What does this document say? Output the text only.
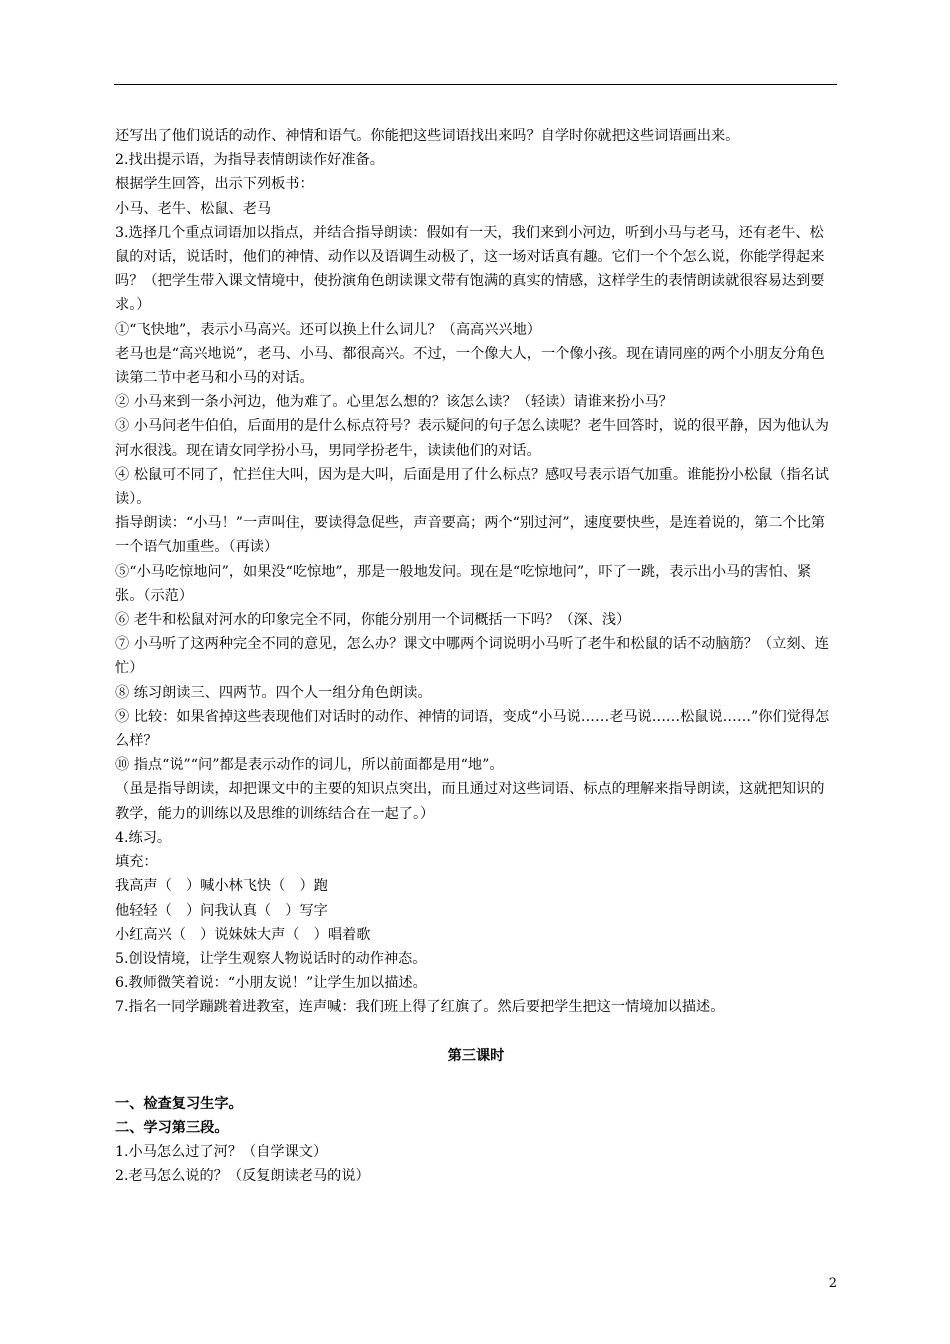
还写出了他们说话的动作、神情和语气。你能把这些词语找出来吗？自学时你就把这些词语画出来。

2.找出提示语，为指导表情朗读作好准备。

根据学生回答，出示下列板书：

小马、老牛、松鼠、老马

3.选择几个重点词语加以指点，并结合指导朗读：假如有一天，我们来到小河边，听到小马与老马，还有老牛、松鼠的对话，说话时，他们的神情、动作以及语调生动极了，这一场对话真有趣。它们一个个怎么说，你能学得起来吗？（把学生带入课文情境中，使扮演角色朗读课文带有饱满的真实的情感，这样学生的表情朗读就很容易达到要求。）

①“飞快地”，表示小马高兴。还可以换上什么词儿？（高高兴兴地）

老马也是“高兴地说”，老马、小马、都很高兴。不过，一个像大人，一个像小孩。现在请同座的两个小朋友分角色读第二节中老马和小马的对话。

② 小马来到一条小河边，他为难了。心里怎么想的？该怎么读？（轻读）请谁来扮小马？

③ 小马问老牛伯伯，后面用的是什么标点符号？表示疑问的句子怎么读呢？老牛回答时，说的很平静，因为他认为河水很浅。现在请女同学扮小马，男同学扮老牛，读读他们的对话。

④ 松鼠可不同了，忙拦住大叫，因为是大叫，后面是用了什么标点？感叹号表示语气加重。谁能扮小松鼠（指名试读）。

指导朗读：“小马！”一声叫住，要读得急促些，声音要高；两个“别过河”，速度要快些，是连着说的，第二个比第一个语气加重些。（再读）

⑤“小马吃惊地问”，如果没“吃惊地”，那是一般地发问。现在是“吃惊地问”，吓了一跳，表示出小马的害怕、紧张。（示范）

⑥ 老牛和松鼠对河水的印象完全不同，你能分别用一个词概括一下吗？（深、浅）

⑦ 小马听了这两种完全不同的意见，怎么办？课文中哪两个词说明小马听了老牛和松鼠的话不动脑筋？（立刻、连忙）

⑧ 练习朗读三、四两节。四个人一组分角色朗读。

⑨ 比较：如果省掉这些表现他们对话时的动作、神情的词语，变成“小马说……老马说……松鼠说……”你们觉得怎么样？

⑩ 指点“说”“问”都是表示动作的词儿，所以前面都是用“地”。

（虽是指导朗读，却把课文中的主要的知识点突出，而且通过对这些词语、标点的理解来指导朗读，这就把知识的教学，能力的训练以及思维的训练结合在一起了。）

4.练习。

填充：

我高声（　）喊小林飞快（　）跑

他轻轻（　）问我认真（　）写字

小红高兴（　）说妹妹大声（　）唱着歌

5.创设情境，让学生观察人物说话时的动作神态。

6.教师微笑着说：“小朋友说！”让学生加以描述。

7.指名一同学蹦跳着进教室，连声喊：我们班上得了红旗了。然后要把学生把这一情境加以描述。

第三课时

一、检查复习生字。

二、学习第三段。

1.小马怎么过了河？（自学课文）

2.老马怎么说的？（反复朗读老马的说）

2
